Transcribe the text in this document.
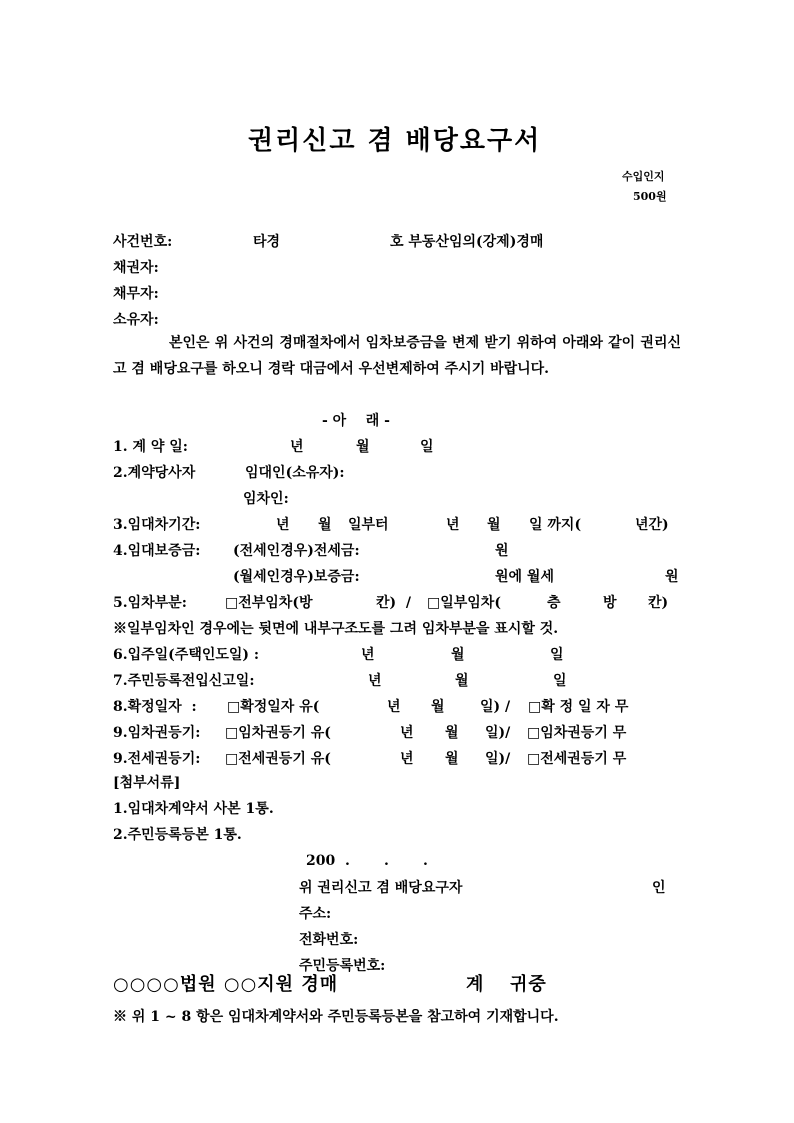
권리신고 겸 배당요구서
수입인지
500원
사건번호:	타경	호 부동산임의(강제)경매
채권자:
채무자:
소유자:
본인은 위 사건의 경매절차에서 임차보증금을 변제 받기 위하여 아래와 같이 권리신고 겸 배당요구를 하오니 경락 대금에서 우선변제하여 주시기 바랍니다.
- 아    래 -
1. 계 약 일:	년	월	일
2.계약당사자	임대인(소유자):
임차인:
3.임대차기간:	년 월 일부터	년 월 일 까지(	년간)
4.임대보증금: (전세인경우)전세금:	원
(월세인경우)보증금:	원에 월세	원
5.임차부분:	□전부임차(방	칸)  / □일부임차(	층	방 칸)
※일부임차인 경우에는 뒷면에 내부구조도를 그려 임차부분을 표시할 것.
6.입주일(주택인도일) :	년	월	일
7.주민등록전입신고일:	년	월	일
8.확정일자  : □확정일자 유(	년 월	일) / □확 정 일 자 무
9.임차권등기: □임차권등기 유(	년 월 일)/ □임차권등기 무
9.전세권등기: □전세권등기 유(	년 월 일)/ □전세권등기 무
[첨부서류]
1.임대차계약서 사본 1통.
2.주민등록등본 1통.
200  .       .       .
위 권리신고 겸 배당요구자	인
주소:
전화번호:
주민등록번호:
○○○○법원 ○○지원 경매	계 귀중
※ 위 1 ~ 8 항은 임대차계약서와 주민등록등본을 참고하여 기재합니다.
